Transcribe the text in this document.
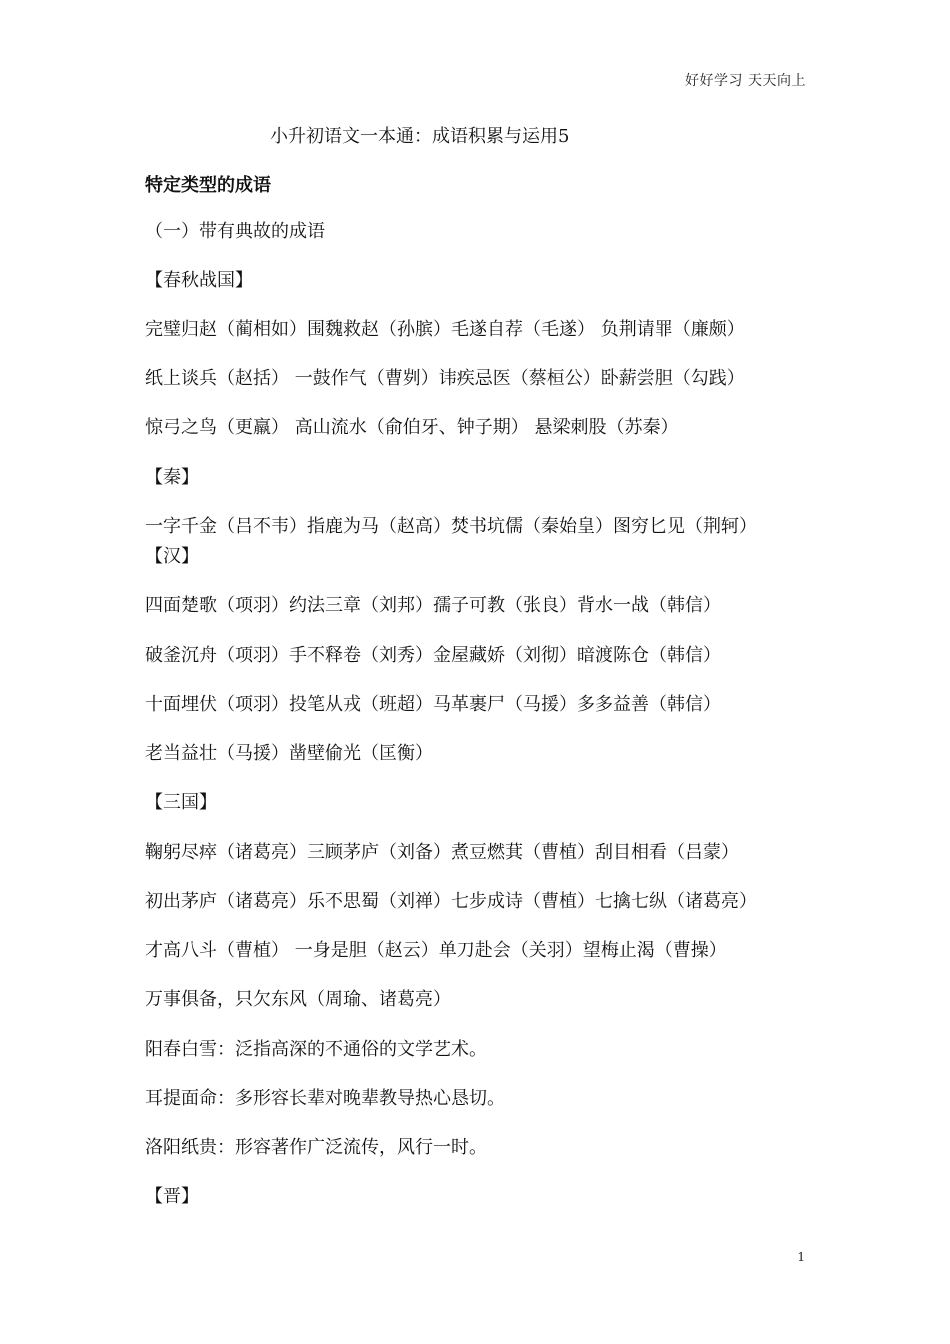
好好学习 天天向上
小升初语文一本通：成语积累与运用5
特定类型的成语
（一）带有典故的成语
【春秋战国】
完璧归赵（蔺相如）围魏救赵（孙膑）毛遂自荐（毛遂） 负荆请罪（廉颇）
纸上谈兵（赵括） 一鼓作气（曹刿）讳疾忌医（蔡桓公）卧薪尝胆（勾践）
惊弓之鸟（更羸） 高山流水（俞伯牙、钟子期） 悬梁刺股（苏秦）
【秦】
一字千金（吕不韦）指鹿为马（赵高）焚书坑儒（秦始皇）图穷匕见（荆轲）
【汉】
四面楚歌（项羽）约法三章（刘邦）孺子可教（张良）背水一战（韩信）
破釜沉舟（项羽）手不释卷（刘秀）金屋藏娇（刘彻）暗渡陈仓（韩信）
十面埋伏（项羽）投笔从戎（班超）马革裹尸（马援）多多益善（韩信）
老当益壮（马援）凿壁偷光（匡衡）
【三国】
鞠躬尽瘁（诸葛亮）三顾茅庐（刘备）煮豆燃萁（曹植）刮目相看（吕蒙）
初出茅庐（诸葛亮）乐不思蜀（刘禅）七步成诗（曹植）七擒七纵（诸葛亮）
才高八斗（曹植） 一身是胆（赵云）单刀赴会（关羽）望梅止渴（曹操）
万事俱备，只欠东风（周瑜、诸葛亮）
阳春白雪：泛指高深的不通俗的文学艺术。
耳提面命：多形容长辈对晚辈教导热心恳切。
洛阳纸贵：形容著作广泛流传，风行一时。
【晋】
1
